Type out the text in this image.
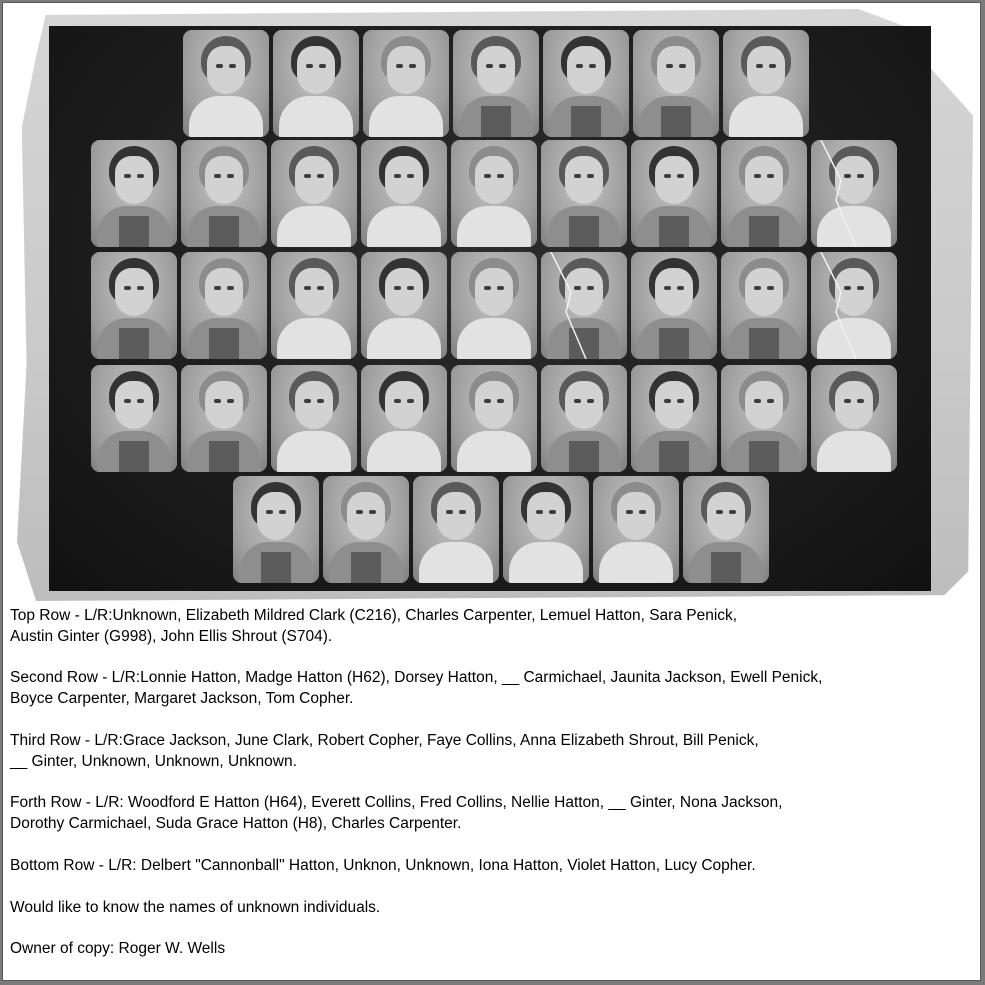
Top Row - L/R:Unknown, Elizabeth Mildred Clark (C216), Charles Carpenter, Lemuel Hatton, Sara Penick,

Austin Ginter (G998), John Ellis Shrout (S704).

Second Row - L/R:Lonnie Hatton, Madge Hatton (H62), Dorsey Hatton, __ Carmichael, Jaunita Jackson, Ewell Penick,

Boyce Carpenter, Margaret Jackson, Tom Copher.

Third Row - L/R:Grace Jackson, June Clark, Robert Copher, Faye Collins, Anna Elizabeth Shrout, Bill Penick,

__ Ginter, Unknown, Unknown, Unknown.

Forth Row - L/R: Woodford E Hatton (H64), Everett Collins, Fred Collins, Nellie Hatton, __ Ginter, Nona Jackson,

Dorothy Carmichael, Suda Grace Hatton (H8), Charles Carpenter.

Bottom Row - L/R: Delbert "Cannonball" Hatton, Unknon, Unknown, Iona Hatton, Violet Hatton, Lucy Copher.

Would like to know the names of unknown individuals.

Owner of copy: Roger W. Wells
